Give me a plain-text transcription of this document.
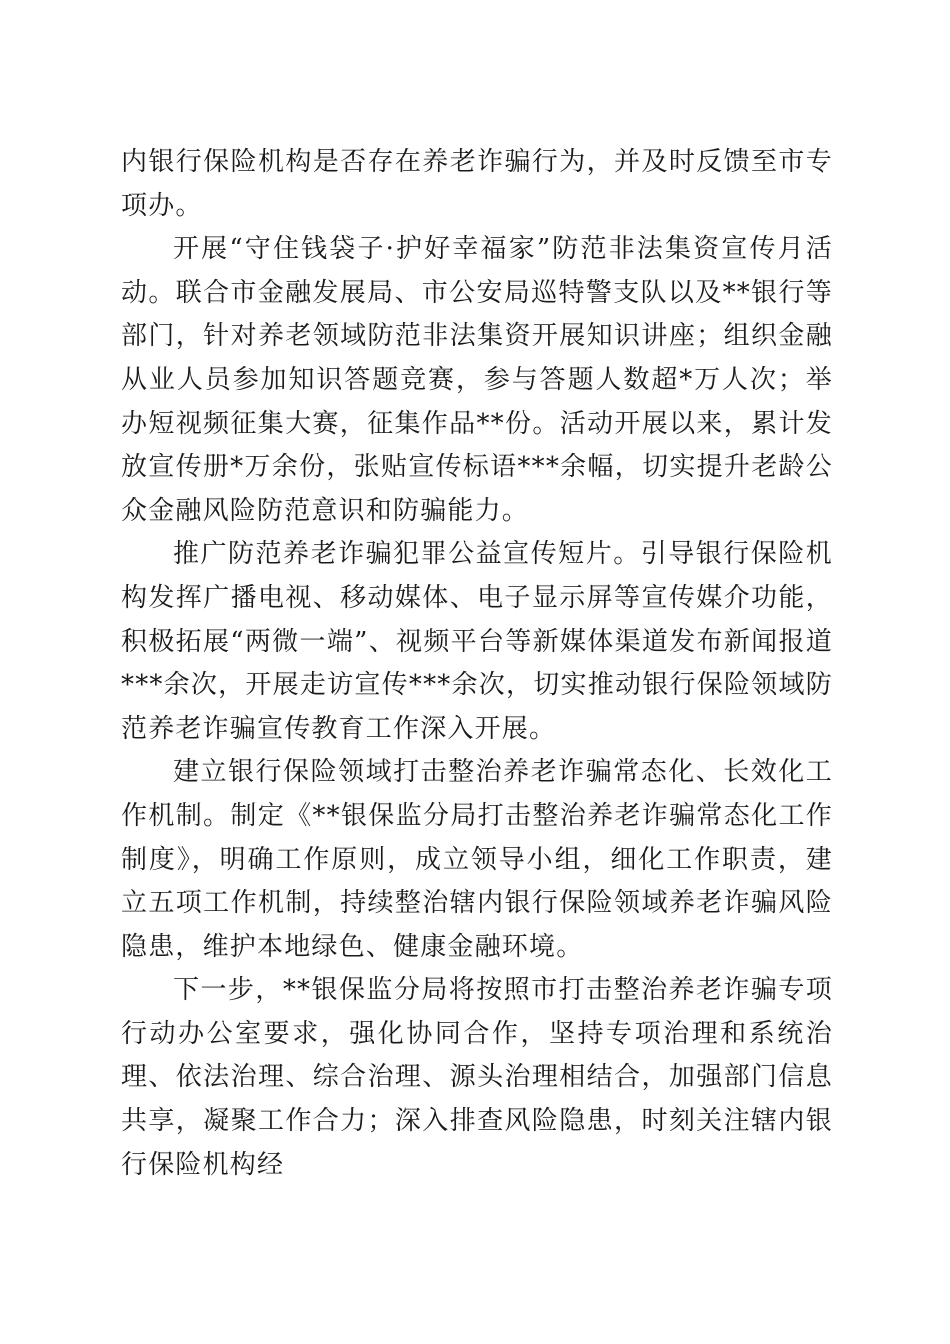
内银行保险机构是否存在养老诈骗行为，并及时反馈至市专项办。

开展“守住钱袋子·护好幸福家”防范非法集资宣传月活动。联合市金融发展局、市公安局巡特警支队以及**银行等部门，针对养老领域防范非法集资开展知识讲座；组织金融从业人员参加知识答题竞赛，参与答题人数超*万人次；举办短视频征集大赛，征集作品**份。活动开展以来，累计发放宣传册*万余份，张贴宣传标语***余幅，切实提升老龄公众金融风险防范意识和防骗能力。

推广防范养老诈骗犯罪公益宣传短片。引导银行保险机构发挥广播电视、移动媒体、电子显示屏等宣传媒介功能，积极拓展“两微一端”、视频平台等新媒体渠道发布新闻报道***余次，开展走访宣传***余次，切实推动银行保险领域防范养老诈骗宣传教育工作深入开展。

建立银行保险领域打击整治养老诈骗常态化、长效化工作机制。制定《**银保监分局打击整治养老诈骗常态化工作制度》，明确工作原则，成立领导小组，细化工作职责，建立五项工作机制，持续整治辖内银行保险领域养老诈骗风险隐患，维护本地绿色、健康金融环境。

下一步，**银保监分局将按照市打击整治养老诈骗专项行动办公室要求，强化协同合作，坚持专项治理和系统治理、依法治理、综合治理、源头治理相结合，加强部门信息共享，凝聚工作合力；深入排查风险隐患，时刻关注辖内银行保险机构经
